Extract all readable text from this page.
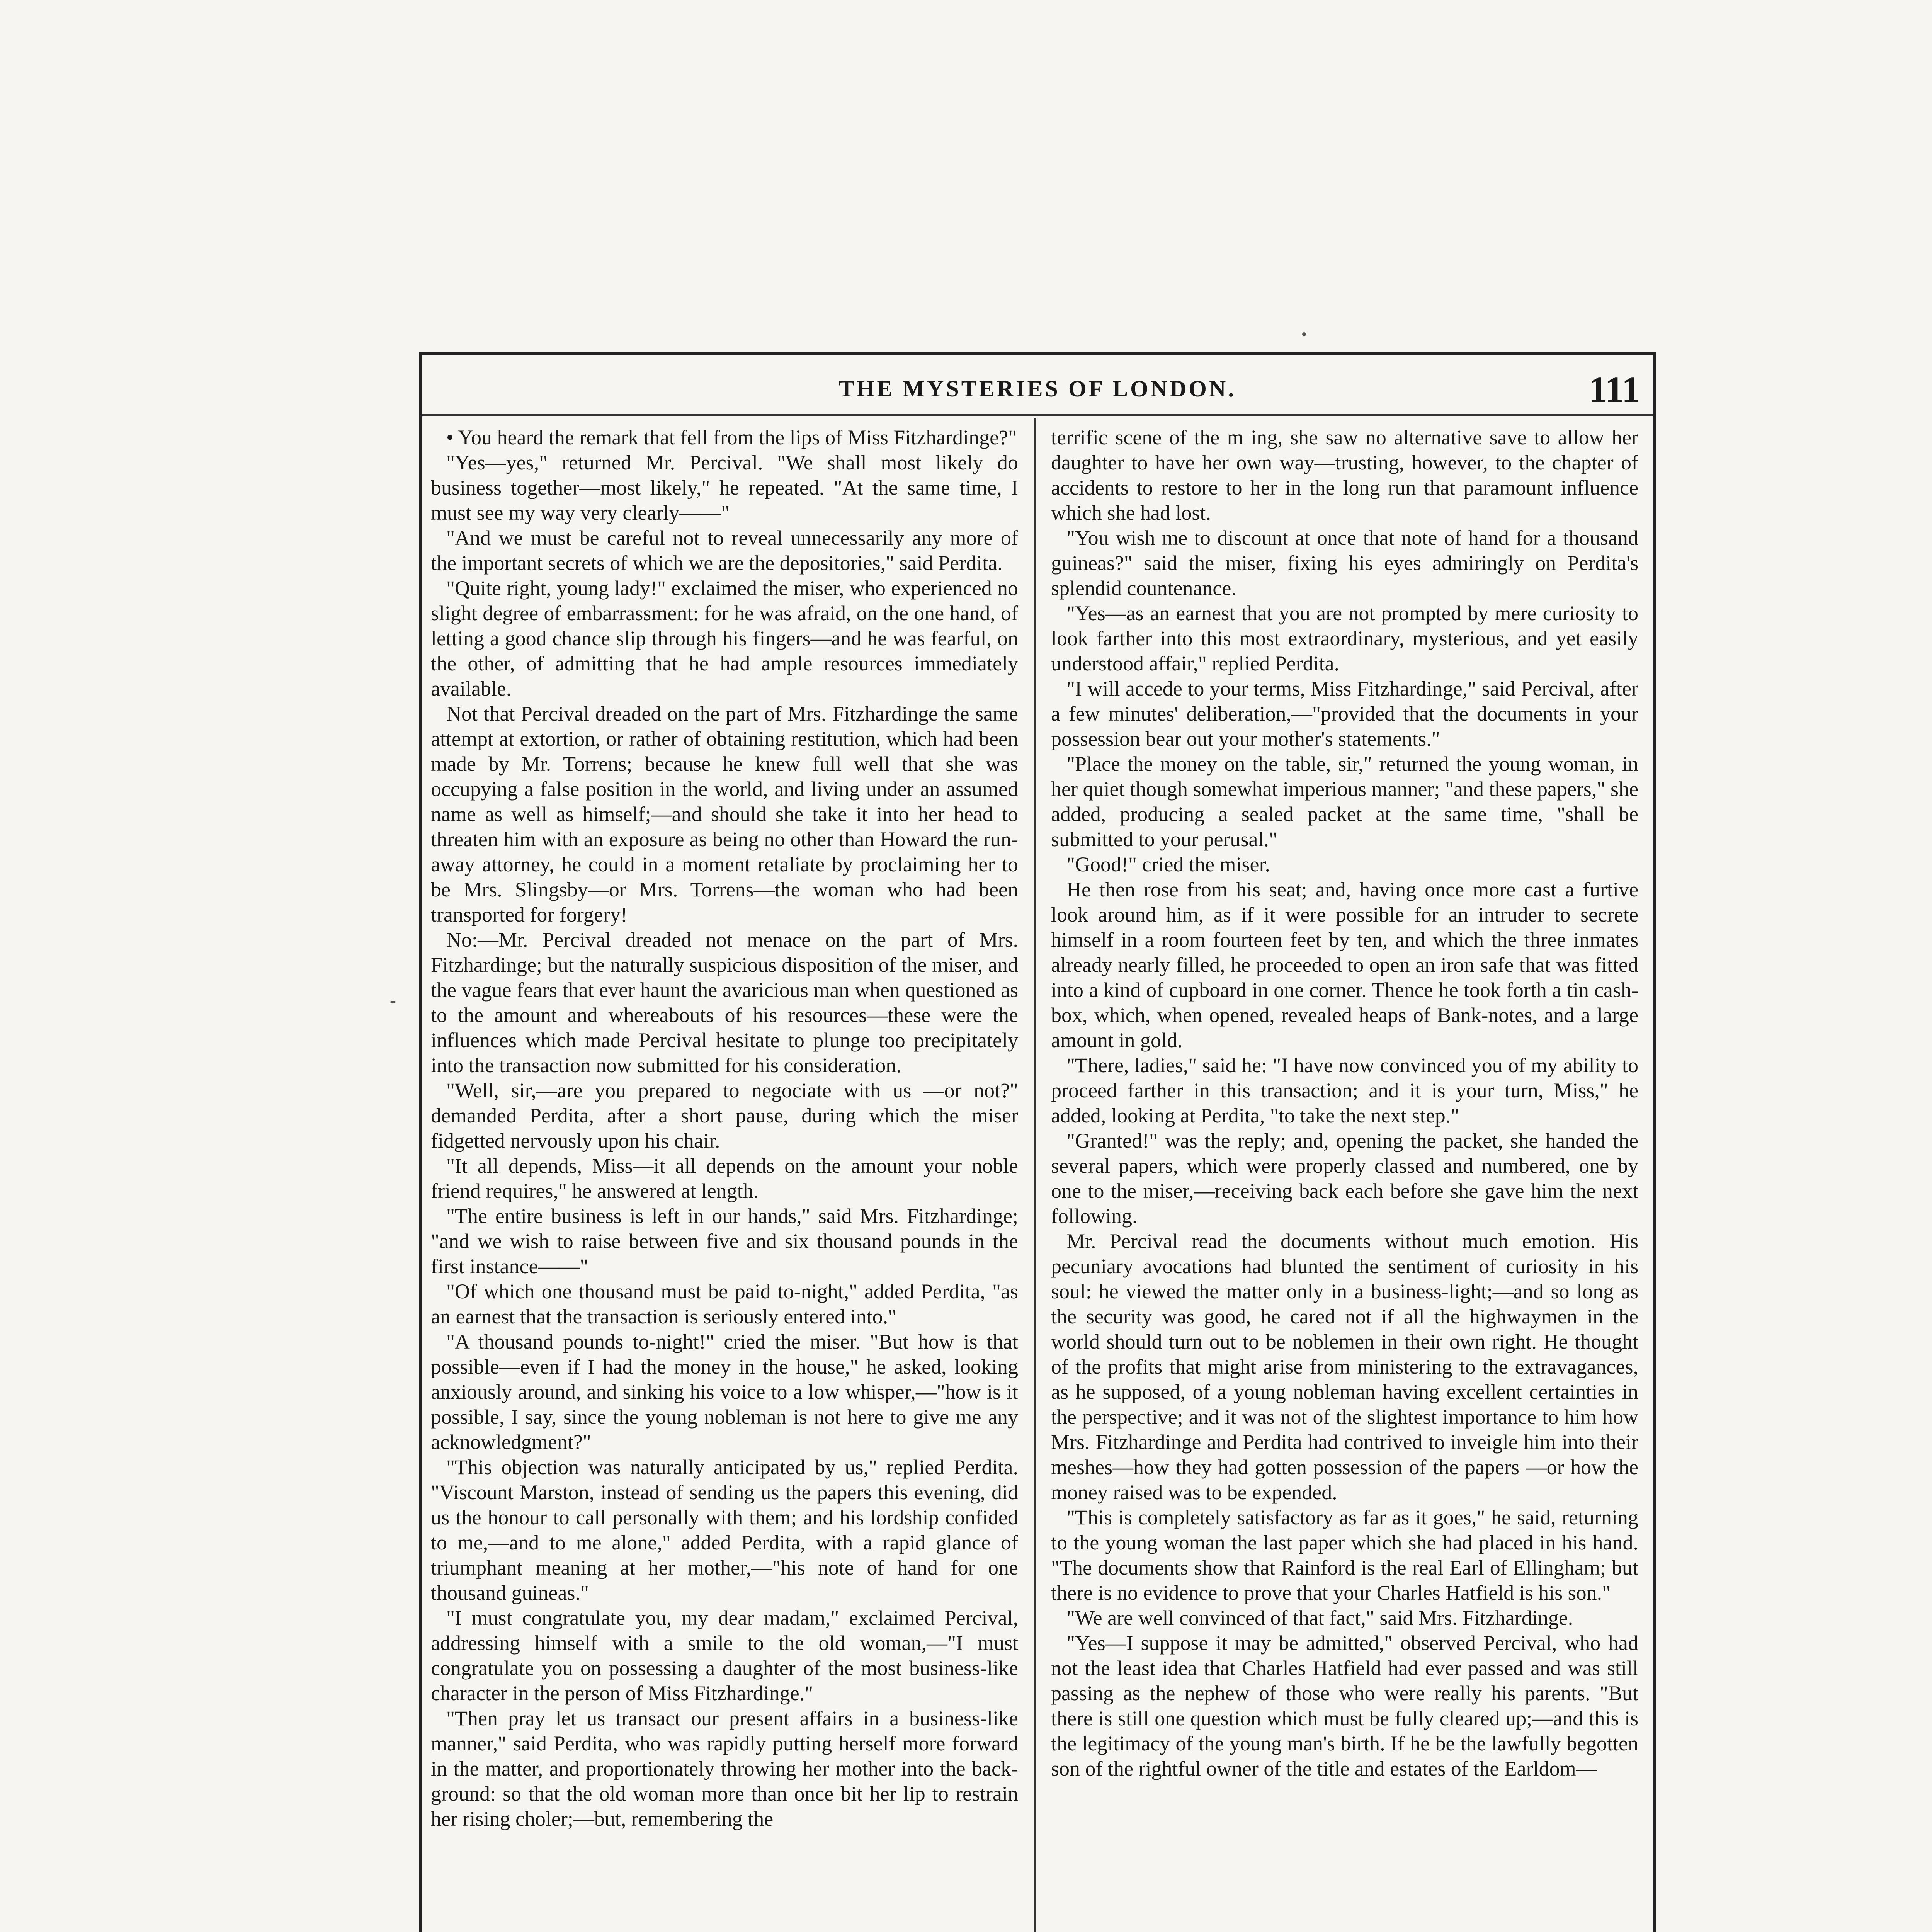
THE MYSTERIES OF LONDON.	111

• You heard the remark that fell from the lips of Miss Fitzhardinge?"

"Yes—yes," returned Mr. Percival. "We shall most likely do business together—most likely," he repeated. "At the same time, I must see my way very clearly——"

"And we must be careful not to reveal unnecessarily any more of the important secrets of which we are the depositories," said Perdita.

"Quite right, young lady!" exclaimed the miser, who experienced no slight degree of embarrassment: for he was afraid, on the one hand, of letting a good chance slip through his fingers—and he was fearful, on the other, of admitting that he had ample resources immediately available.

Not that Percival dreaded on the part of Mrs. Fitzhardinge the same attempt at extortion, or rather of obtaining restitution, which had been made by Mr. Torrens; because he knew full well that she was occupying a false position in the world, and living under an assumed name as well as himself;—and should she take it into her head to threaten him with an exposure as being no other than Howard the run-away attorney, he could in a moment retaliate by proclaiming her to be Mrs. Slingsby—or Mrs. Torrens—the woman who had been transported for forgery!

No:—Mr. Percival dreaded not menace on the part of Mrs. Fitzhardinge; but the naturally suspicious disposition of the miser, and the vague fears that ever haunt the avaricious man when questioned as to the amount and whereabouts of his resources—these were the influences which made Percival hesitate to plunge too precipitately into the transaction now submitted for his consideration.

"Well, sir,—are you prepared to negociate with us —or not?" demanded Perdita, after a short pause, during which the miser fidgetted nervously upon his chair.

"It all depends, Miss—it all depends on the amount your noble friend requires," he answered at length.

"The entire business is left in our hands," said Mrs. Fitzhardinge; "and we wish to raise between five and six thousand pounds in the first instance——"

"Of which one thousand must be paid to-night," added Perdita, "as an earnest that the transaction is seriously entered into."

"A thousand pounds to-night!" cried the miser. "But how is that possible—even if I had the money in the house," he asked, looking anxiously around, and sinking his voice to a low whisper,—"how is it possible, I say, since the young nobleman is not here to give me any acknowledgment?"

"This objection was naturally anticipated by us," replied Perdita. "Viscount Marston, instead of sending us the papers this evening, did us the honour to call personally with them; and his lordship confided to me,—and to me alone," added Perdita, with a rapid glance of triumphant meaning at her mother,—"his note of hand for one thousand guineas."

"I must congratulate you, my dear madam," exclaimed Percival, addressing himself with a smile to the old woman,—"I must congratulate you on possessing a daughter of the most business-like character in the person of Miss Fitzhardinge."

"Then pray let us transact our present affairs in a business-like manner," said Perdita, who was rapidly putting herself more forward in the matter, and proportionately throwing her mother into the back-ground: so that the old woman more than once bit her lip to restrain her rising choler;—but, remembering the

terrific scene of the m ing, she saw no alternative save to allow her daughter to have her own way—trusting, however, to the chapter of accidents to restore to her in the long run that paramount influence which she had lost.

"You wish me to discount at once that note of hand for a thousand guineas?" said the miser, fixing his eyes admiringly on Perdita's splendid countenance.

"Yes—as an earnest that you are not prompted by mere curiosity to look farther into this most extraordinary, mysterious, and yet easily understood affair," replied Perdita.

"I will accede to your terms, Miss Fitzhardinge," said Percival, after a few minutes' deliberation,—"provided that the documents in your possession bear out your mother's statements."

"Place the money on the table, sir," returned the young woman, in her quiet though somewhat imperious manner; "and these papers," she added, producing a sealed packet at the same time, "shall be submitted to your perusal."

"Good!" cried the miser.

He then rose from his seat; and, having once more cast a furtive look around him, as if it were possible for an intruder to secrete himself in a room fourteen feet by ten, and which the three inmates already nearly filled, he proceeded to open an iron safe that was fitted into a kind of cupboard in one corner. Thence he took forth a tin cash-box, which, when opened, revealed heaps of Bank-notes, and a large amount in gold.

"There, ladies," said he: "I have now convinced you of my ability to proceed farther in this transaction; and it is your turn, Miss," he added, looking at Perdita, "to take the next step."

"Granted!" was the reply; and, opening the packet, she handed the several papers, which were properly classed and numbered, one by one to the miser,—receiving back each before she gave him the next following.

Mr. Percival read the documents without much emotion. His pecuniary avocations had blunted the sentiment of curiosity in his soul: he viewed the matter only in a business-light;—and so long as the security was good, he cared not if all the highwaymen in the world should turn out to be noblemen in their own right. He thought of the profits that might arise from ministering to the extravagances, as he supposed, of a young nobleman having excellent certainties in the perspective; and it was not of the slightest importance to him how Mrs. Fitzhardinge and Perdita had contrived to inveigle him into their meshes—how they had gotten possession of the papers —or how the money raised was to be expended.

"This is completely satisfactory as far as it goes," he said, returning to the young woman the last paper which she had placed in his hand. "The documents show that Rainford is the real Earl of Ellingham; but there is no evidence to prove that your Charles Hatfield is his son."

"We are well convinced of that fact," said Mrs. Fitzhardinge.

"Yes—I suppose it may be admitted," observed Percival, who had not the least idea that Charles Hatfield had ever passed and was still passing as the nephew of those who were really his parents. "But there is still one question which must be fully cleared up;—and this is the legitimacy of the young man's birth. If he be the lawfully begotten son of the rightful owner of the title and estates of the Earldom—
